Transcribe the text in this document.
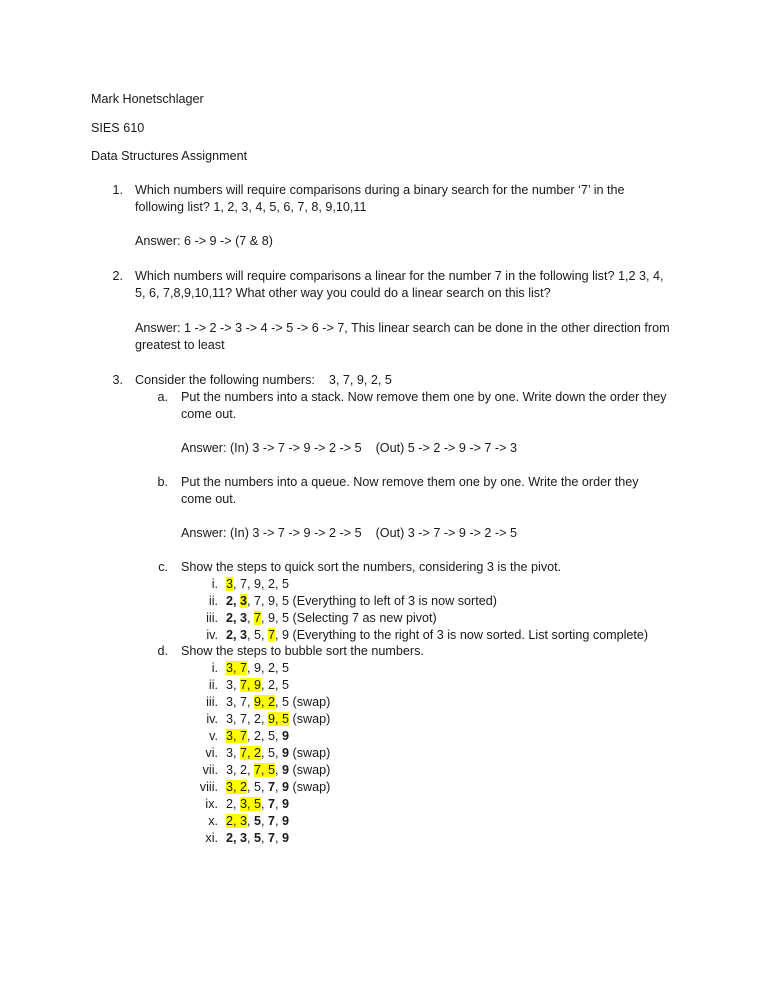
Mark Honetschlager
SIES 610
Data Structures Assignment
1. Which numbers will require comparisons during a binary search for the number ‘7’ in the
following list? 1, 2, 3, 4, 5, 6, 7, 8, 9,10,11
Answer: 6 -> 9 -> (7 & 8)
2. Which numbers will require comparisons a linear for the number 7 in the following list? 1,2 3, 4,
5, 6, 7,8,9,10,11? What other way you could do a linear search on this list?
Answer: 1 -> 2 -> 3 -> 4 -> 5 -> 6 -> 7, This linear search can be done in the other direction from
greatest to least
3. Consider the following numbers:    3, 7, 9, 2, 5
a. Put the numbers into a stack. Now remove them one by one. Write down the order they
come out.
Answer: (In) 3 -> 7 -> 9 -> 2 -> 5    (Out) 5 -> 2 -> 9 -> 7 -> 3
b. Put the numbers into a queue. Now remove them one by one. Write the order they
come out.
Answer: (In) 3 -> 7 -> 9 -> 2 -> 5    (Out) 3 -> 7 -> 9 -> 2 -> 5
c. Show the steps to quick sort the numbers, considering 3 is the pivot.
i. 3, 7, 9, 2, 5
ii. 2, 3, 7, 9, 5 (Everything to left of 3 is now sorted)
iii. 2, 3, 7, 9, 5 (Selecting 7 as new pivot)
iv. 2, 3, 5, 7, 9 (Everything to the right of 3 is now sorted. List sorting complete)
d. Show the steps to bubble sort the numbers.
i. 3, 7, 9, 2, 5
ii. 3, 7, 9, 2, 5
iii. 3, 7, 9, 2, 5 (swap)
iv. 3, 7, 2, 9, 5 (swap)
v. 3, 7, 2, 5, 9
vi. 3, 7, 2, 5, 9 (swap)
vii. 3, 2, 7, 5, 9 (swap)
viii. 3, 2, 5, 7, 9 (swap)
ix. 2, 3, 5, 7, 9
x. 2, 3, 5, 7, 9
xi. 2, 3, 5, 7, 9
